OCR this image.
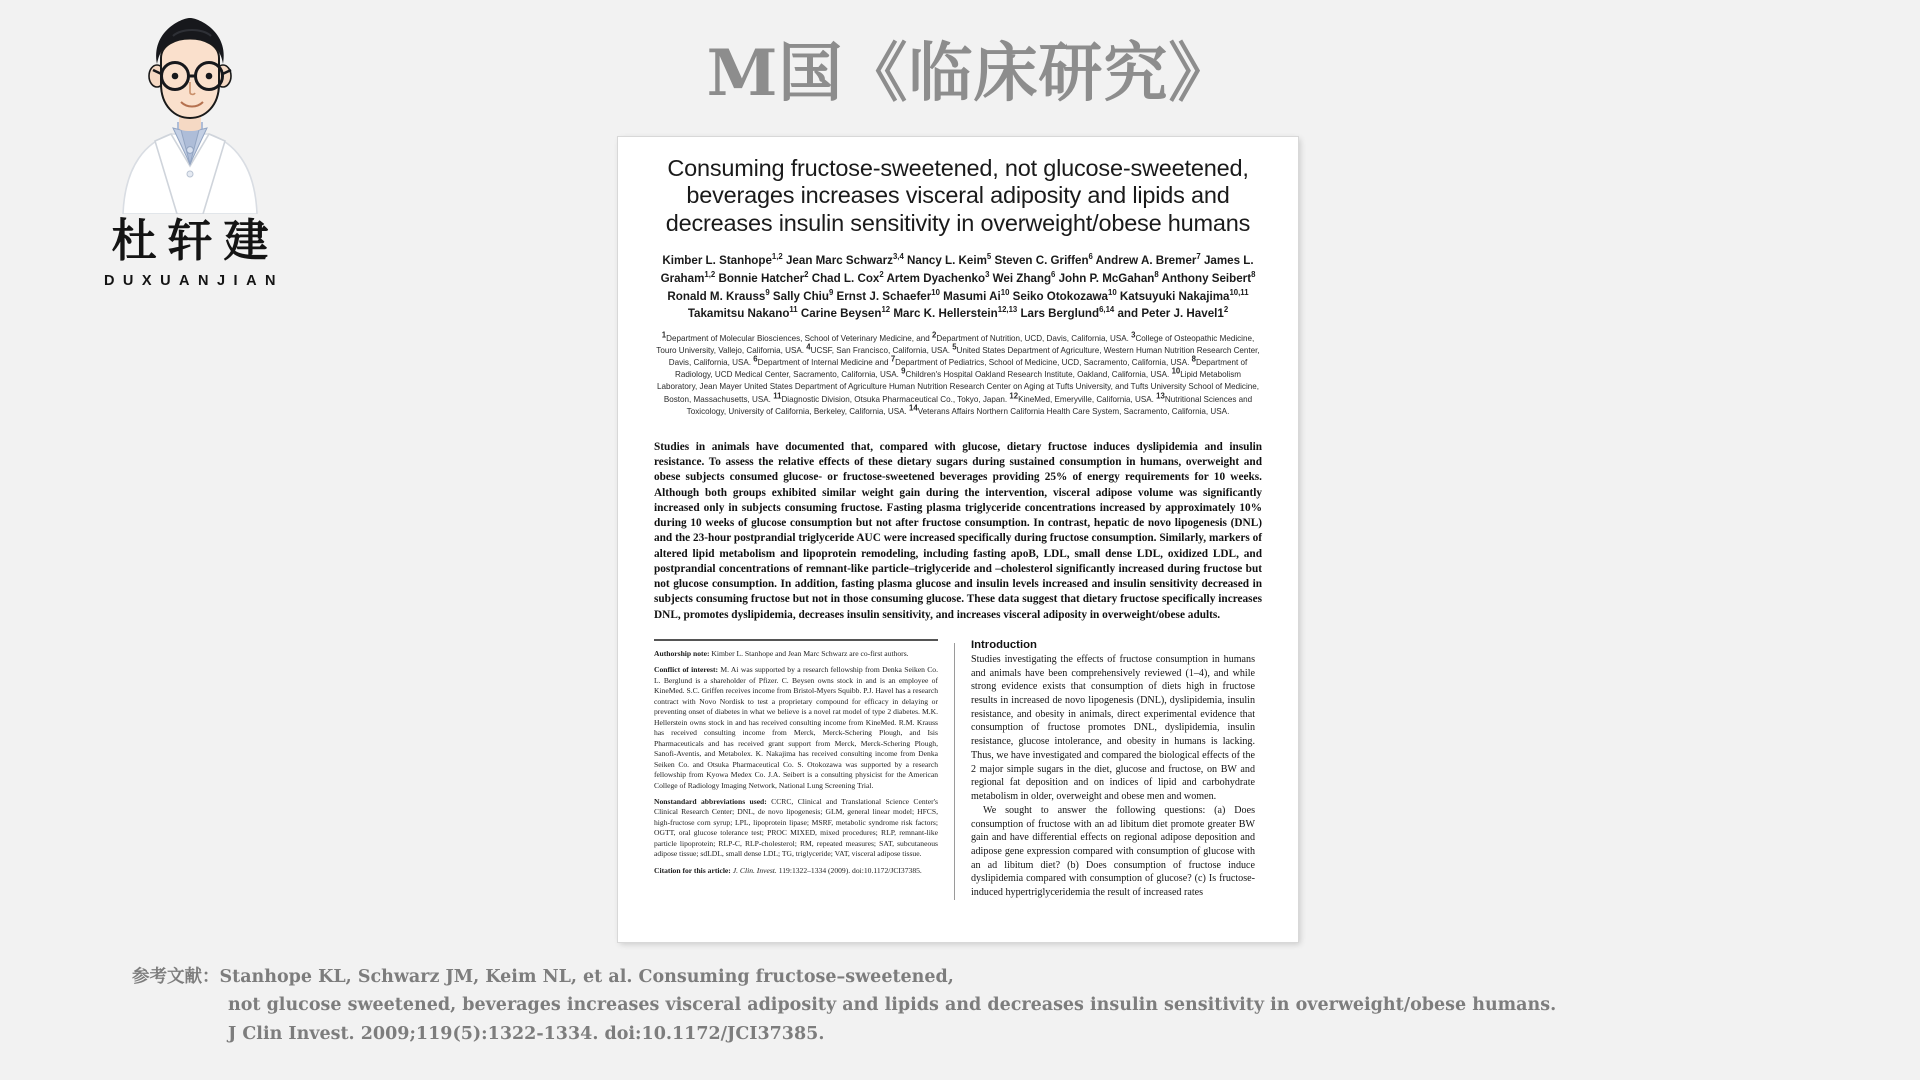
杜轩建
DUXUANJIAN
M国《临床研究》
Consuming fructose-sweetened, not glucose-sweetened, beverages increases visceral adiposity and lipids and decreases insulin sensitivity in overweight/obese humans
Kimber L. Stanhope$^{1,2}$ Jean Marc Schwarz$^{3,4}$ Nancy L. Keim$^5$ Steven C. Griffen$^6$ Andrew A. Bremer$^7$ James L. Graham$^{1,2}$ Bonnie Hatcher$^2$ Chad L. Cox$^2$ Artem Dyachenko$^3$ Wei Zhang$^6$ John P. McGahan$^8$ Anthony Seibert$^8$ Ronald M. Krauss$^9$ Sally Chiu$^9$ Ernst J. Schaefer$^{10}$ Masumi Ai$^{10}$ Seiko Otokozawa$^{10}$ Katsuyuki Nakajima$^{10,11}$ Takamitsu Nakano$^{11}$ Carine Beysen$^{12}$ Marc K. Hellerstein$^{12,13}$ Lars Berglund$^{6,14}$ and Peter J. $Havel1^2$
$^1$Department of Molecular Biosciences, School of Veterinary Medicine, and $^2$Department of Nutrition, UCD, Davis, California, USA. $^3$College of Osteopathic Medicine, Touro University, Vallejo, California, USA. $^4$UCSF, San Francisco, California, USA. $^5$United States Department of Agriculture, Western Human Nutrition Research Center, Davis, California, USA. $^6$Department of Internal Medicine and $^7$Department of Pediatrics, School of Medicine, UCD, Sacramento, California, USA. $^8$Department of Radiology, UCD Medical Center, Sacramento, California, USA. $^9$Children's Hospital Oakland Research Institute, Oakland, California, USA. $^{10}$Lipid Metabolism Laboratory, Jean Mayer United States Department of Agriculture Human Nutrition Research Center on Aging at Tufts University, and Tufts University School of Medicine, Boston, Massachusetts, USA. $^{11}$Diagnostic Division, Otsuka Pharmaceutical Co., Tokyo, Japan. $^{12}$KineMed, Emeryville, California, USA. $^{13}$Nutritional Sciences and Toxicology, University of California, Berkeley, California, USA. $^{14}$Veterans Affairs Northern California Health Care System, Sacramento, California, USA.
Studies in animals have documented that, compared with glucose, dietary fructose induces dyslipidemia and insulin resistance. To assess the relative effects of these dietary sugars during sustained consumption in humans, overweight and obese subjects consumed glucose- or fructose-sweetened beverages providing 25% of energy requirements for 10 weeks. Although both groups exhibited similar weight gain during the intervention, visceral adipose volume was significantly increased only in subjects consuming fructose. Fasting plasma triglyceride concentrations increased by approximately 10% during 10 weeks of glucose consumption but not after fructose consumption. In contrast, hepatic de novo lipogenesis (DNL) and the 23-hour postprandial triglyceride AUC were increased specifically during fructose consumption. Similarly, markers of altered lipid metabolism and lipoprotein remodeling, including fasting apoB, LDL, small dense LDL, oxidized LDL, and postprandial concentrations of remnant-like particle–triglyceride and –cholesterol significantly increased during fructose but not glucose consumption. In addition, fasting plasma glucose and insulin levels increased and insulin sensitivity decreased in subjects consuming fructose but not in those consuming glucose. These data suggest that dietary fructose specifically increases DNL, promotes dyslipidemia, decreases insulin sensitivity, and increases visceral adiposity in overweight/obese adults.
Authorship note: Kimber L. Stanhope and Jean Marc Schwarz are co-first authors.
Conflict of interest: M. Ai was supported by a research fellowship from Denka Seiken Co. L. Berglund is a shareholder of Pfizer. C. Beysen owns stock in and is an employee of KineMed. S.C. Griffen receives income from Bristol-Myers Squibb. P.J. Havel has a research contract with Novo Nordisk to test a proprietary compound for efficacy in delaying or preventing onset of diabetes in what we believe is a novel rat model of type 2 diabetes. M.K. Hellerstein owns stock in and has received consulting income from KineMed. R.M. Krauss has received consulting income from Merck, Merck-Schering Plough, and Isis Pharmaceuticals and has received grant support from Merck, Merck-Schering Plough, Sanofi-Aventis, and Metabolex. K. Nakajima has received consulting income from Denka Seiken Co. and Otsuka Pharmaceutical Co. S. Otokozawa was supported by a research fellowship from Kyowa Medex Co. J.A. Seibert is a consulting physicist for the American College of Radiology Imaging Network, National Lung Screening Trial.
Nonstandard abbreviations used: CCRC, Clinical and Translational Science Center's Clinical Research Center; DNL, de novo lipogenesis; GLM, general linear model; HFCS, high-fructose corn syrup; LPL, lipoprotein lipase; MSRF, metabolic syndrome risk factors; OGTT, oral glucose tolerance test; PROC MIXED, mixed procedures; RLP, remnant-like particle lipoprotein; RLP-C, RLP-cholesterol; RM, repeated measures; SAT, subcutaneous adipose tissue; sdLDL, small dense LDL; TG, triglyceride; VAT, visceral adipose tissue.
Citation for this article: J. Clin. Invest. 119:1322–1334 (2009). doi:10.1172/JCI37385.
Introduction
Studies investigating the effects of fructose consumption in humans and animals have been comprehensively reviewed (1–4), and while strong evidence exists that consumption of diets high in fructose results in increased de novo lipogenesis (DNL), dyslipidemia, insulin resistance, and obesity in animals, direct experimental evidence that consumption of fructose promotes DNL, dyslipidemia, insulin resistance, glucose intolerance, and obesity in humans is lacking. Thus, we have investigated and compared the biological effects of the 2 major simple sugars in the diet, glucose and fructose, on BW and regional fat deposition and on indices of lipid and carbohydrate metabolism in older, overweight and obese men and women.
We sought to answer the following questions: (a) Does consumption of fructose with an ad libitum diet promote greater BW gain and have differential effects on regional adipose deposition and adipose gene expression compared with consumption of glucose with an ad libitum diet? (b) Does consumption of fructose induce dyslipidemia compared with consumption of glucose? (c) Is fructose-induced hypertriglyceridemia the result of increased rates
参考文献：Stanhope KL, Schwarz JM, Keim NL, et al. Consuming fructose–sweetened,
not glucose sweetened, beverages increases visceral adiposity and lipids and decreases insulin sensitivity in overweight/obese humans.
J Clin Invest. 2009;119(5):1322-1334. doi:10.1172/JCI37385.
